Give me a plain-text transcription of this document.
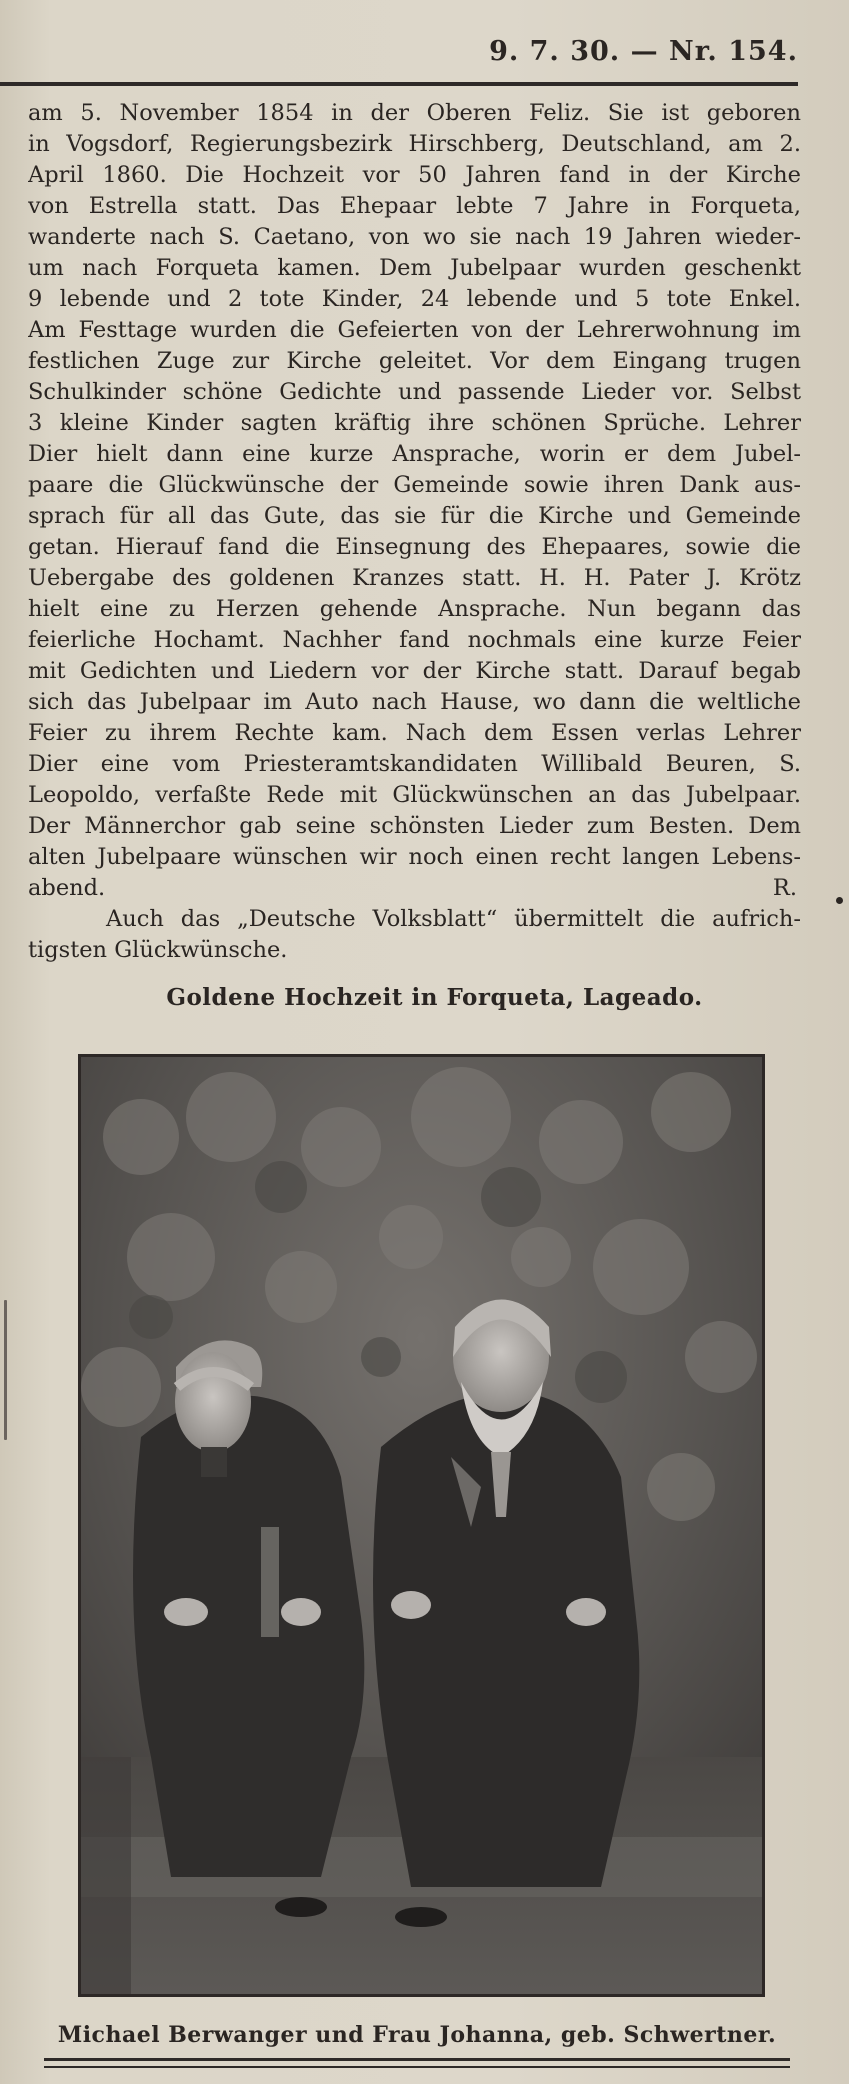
9. 7. 30. — Nr. 154.
am 5. November 1854 in der Oberen Feliz. Sie ist geboren
in Vogsdorf, Regierungsbezirk Hirschberg, Deutschland, am 2.
April 1860. Die Hochzeit vor 50 Jahren fand in der Kirche
von Estrella statt. Das Ehepaar lebte 7 Jahre in Forqueta,
wanderte nach S. Caetano, von wo sie nach 19 Jahren wieder-
um nach Forqueta kamen. Dem Jubelpaar wurden geschenkt
9 lebende und 2 tote Kinder, 24 lebende und 5 tote Enkel.
Am Festtage wurden die Gefeierten von der Lehrerwohnung im
festlichen Zuge zur Kirche geleitet. Vor dem Eingang trugen
Schulkinder schöne Gedichte und passende Lieder vor. Selbst
3 kleine Kinder sagten kräftig ihre schönen Sprüche. Lehrer
Dier hielt dann eine kurze Ansprache, worin er dem Jubel-
paare die Glückwünsche der Gemeinde sowie ihren Dank aus-
sprach für all das Gute, das sie für die Kirche und Gemeinde
getan. Hierauf fand die Einsegnung des Ehepaares, sowie die
Uebergabe des goldenen Kranzes statt. H. H. Pater J. Krötz
hielt eine zu Herzen gehende Ansprache. Nun begann das
feierliche Hochamt. Nachher fand nochmals eine kurze Feier
mit Gedichten und Liedern vor der Kirche statt. Darauf begab
sich das Jubelpaar im Auto nach Hause, wo dann die weltliche
Feier zu ihrem Rechte kam. Nach dem Essen verlas Lehrer
Dier eine vom Priesteramtskandidaten Willibald Beuren, S.
Leopoldo, verfaßte Rede mit Glückwünschen an das Jubelpaar.
Der Männerchor gab seine schönsten Lieder zum Besten. Dem
alten Jubelpaare wünschen wir noch einen recht langen Lebens-
abend.	R.
Auch das „Deutsche Volksblatt“ übermittelt die aufrich-
tigsten Glückwünsche.
Goldene Hochzeit in Forqueta, Lageado.
Michael Berwanger und Frau Johanna, geb. Schwertner.
